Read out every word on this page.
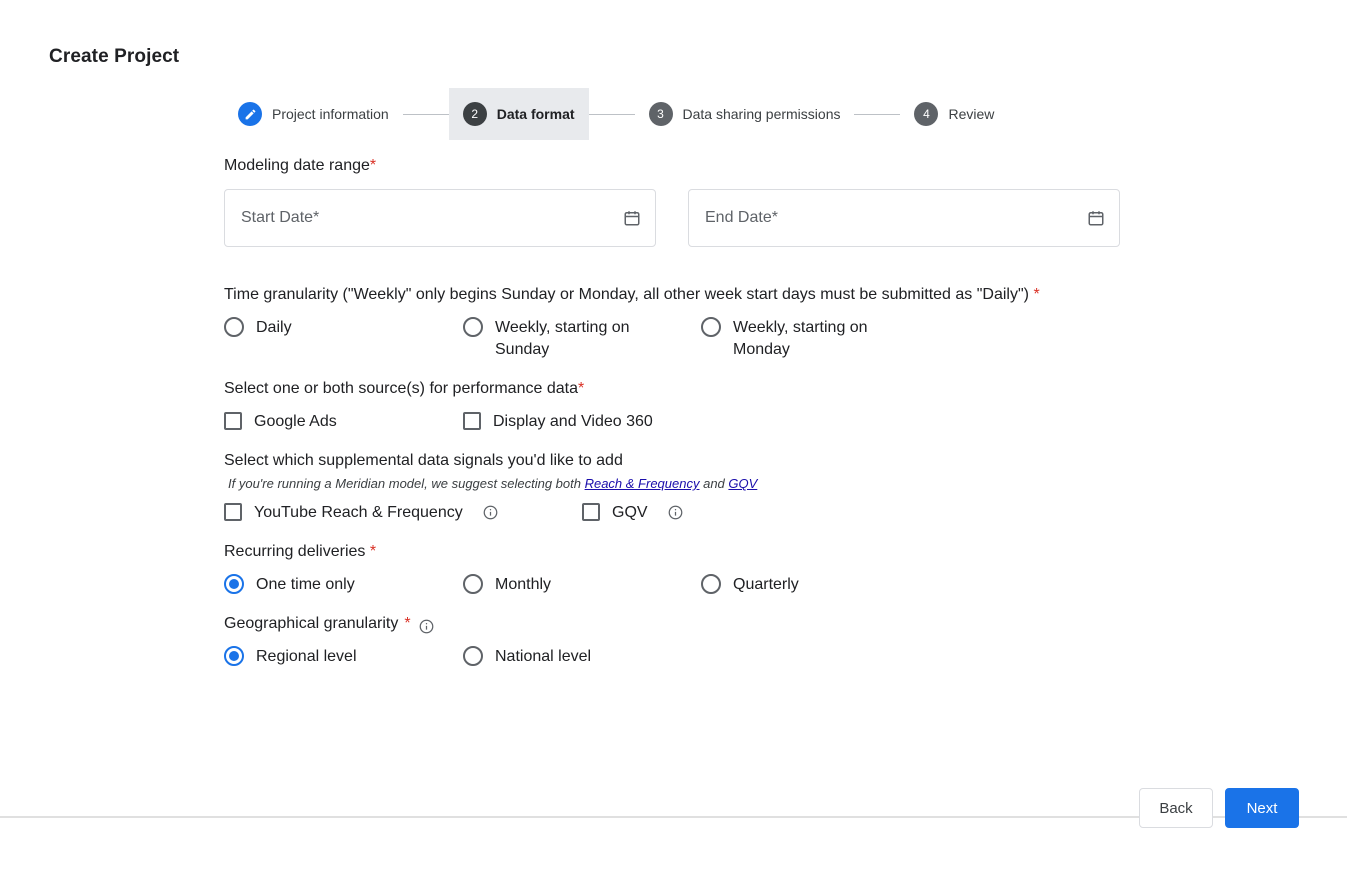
Create Project
Project information	2	Data format	3	Data sharing permissions	4	Review
Modeling date range*
Start Date*	End Date*
Time granularity ("Weekly" only begins Sunday or Monday, all other week start days must be submitted as "Daily") *
Daily	Weekly, starting on Sunday
Weekly, starting on Monday
Select one or both source(s) for performance data*
Google Ads	Display and Video 360
Select which supplemental data signals you'd like to add
If you're running a Meridian model, we suggest selecting both Reach & Frequency and GQV
YouTube Reach & Frequency	GQV
Recurring deliveries *
One time only	Monthly	Quarterly
Geographical granularity *
Regional level	National level
Back	Next
